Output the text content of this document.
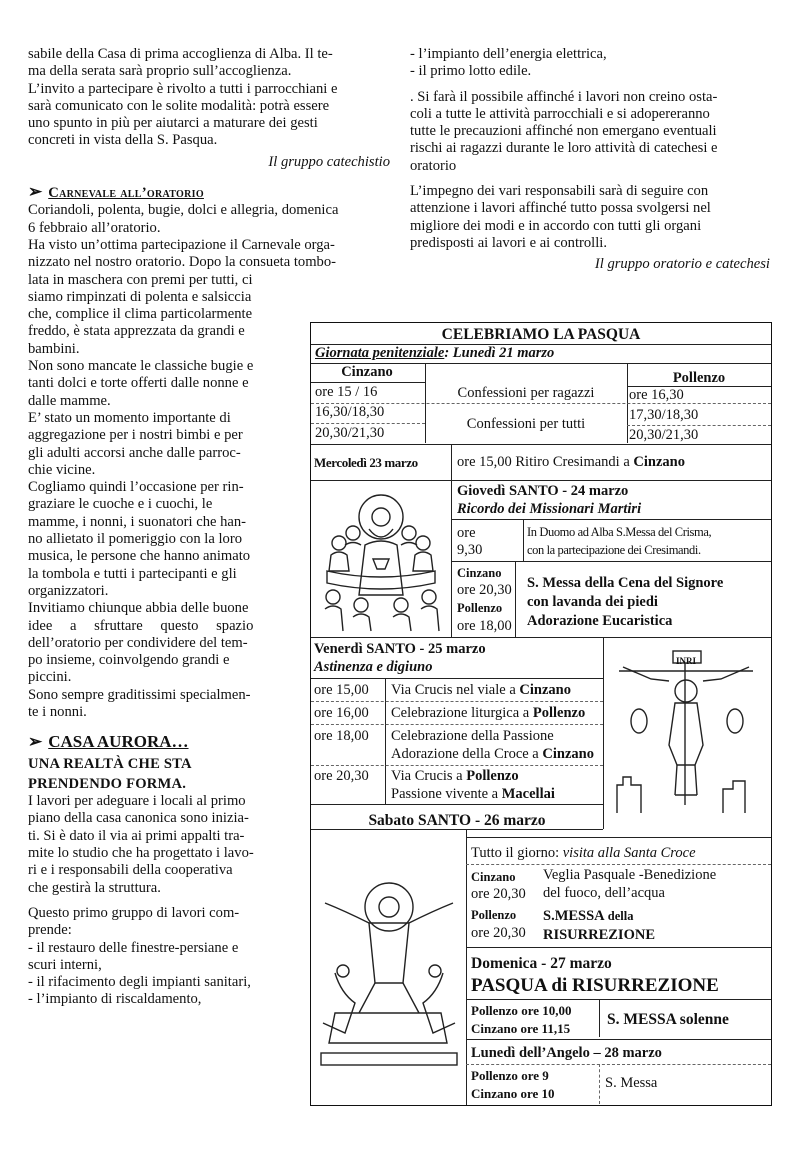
sabile della Casa di prima accoglienza di Alba. Il te-

ma della serata sarà proprio sull’accoglienza.

L’invito a partecipare è rivolto a tutti i parrocchiani e

sarà comunicato con le solite modalità: potrà essere

uno spunto in più per aiutarci a maturare dei gesti

concreti in vista della S. Pasqua.

Il gruppo catechistio

➢ Carnevale all’oratorio

Coriandoli, polenta, bugie, dolci e allegria, domenica

6 febbraio all’oratorio.

Ha visto un’ottima partecipazione il Carnevale orga-

nizzato nel nostro oratorio. Dopo la consueta tombo-

lata in maschera con premi per tutti, ci

siamo rimpinzati di polenta e salsiccia

che, complice il clima particolarmente

freddo, è stata apprezzata da grandi e

bambini.

Non sono mancate le classiche bugie e

tanti dolci e torte offerti dalle nonne e

dalle mamme.

E’ stato un momento importante di

aggregazione per i nostri bimbi e per

gli adulti accorsi anche dalle parroc-

chie vicine.

Cogliamo quindi l’occasione per rin-

graziare le cuoche e i cuochi, le

mamme, i nonni, i suonatori che han-

no allietato il pomeriggio con la loro

musica, le persone che hanno animato

la tombola e tutti i partecipanti e gli

organizzatori.

Invitiamo chiunque abbia delle buone

idee a sfruttare questo spazio

dell’oratorio per condividere del tem-

po insieme, coinvolgendo grandi e

piccini.

Sono sempre graditissimi specialmen-

te i nonni.

➢ CASA AURORA…

UNA REALTÀ CHE STA

PRENDENDO FORMA.

I lavori per adeguare i locali al primo

piano della casa canonica sono iniziа-

ti. Si è dato il via ai primi appalti tra-

mite lo studio che ha progettato i lavo-

ri e i responsabili della cooperativa

che gestirà la struttura.

Questo primo gruppo di lavori com-

prende:

- il restauro delle finestre-persiane e

scuri interni,

- il rifacimento degli impianti sanitari,

- l’impianto di riscaldamento,

- l’impianto dell’energia elettrica,

- il primo lotto edile.

. Si farà il possibile affinché i lavori non creino osta-

coli a tutte le attività parrocchiali e si adopereranno

tutte le precauzioni affinché non emergano eventuali

rischi ai ragazzi durante le loro attività di catechesi e

oratorio

L’impegno dei vari responsabili sarà di seguire con

attenzione i lavori affinché tutto possa svolgersi nel

migliore dei modi e in accordo con tutti gli organi

predisposti ai lavori e ai controlli.

Il gruppo oratorio e catechesi

CELEBRIAMO LA PASQUA
Giornata penitenziale: Lunedì 21 marzo
Cinzano	Pollenzo
ore 15 / 16
16,30/18,30
20,30/21,30
Confessioni per ragazzi
Confessioni per tutti
ore 16,30
17,30/18,30
20,30/21,30
Mercoledì 23 marzo	ore 15,00 Ritiro Cresimandi a Cinzano
Giovedì SANTO - 24 marzo
Ricordo dei Missionari Martiri
ore
9,30
In Duomo ad Alba S.Messa del Crisma,
con la partecipazione dei Cresimandi.
Cinzano
ore 20,30
Pollenzo
ore 18,00
S. Messa della Cena del Signore
con lavanda dei piedi
Adorazione Eucaristica
Venerdì SANTO - 25 marzo
Astinenza e digiuno
ore 15,00 Via Crucis nel viale a Cinzano
ore 16,00 Celebrazione liturgica a Pollenzo
ore 18,00 Celebrazione della Passione
Adorazione della Croce a Cinzano
ore 20,30 Via Crucis a Pollenzo
Passione vivente a Macellai
INRI
Sabato SANTO - 26 marzo
Tutto il giorno: visita alla Santa Croce
Cinzano
ore 20,30
Veglia Pasquale -Benedizione
del fuoco, dell’acqua
Pollenzo
ore 20,30
S.MESSA della
RISURREZIONE
Domenica - 27 marzo
PASQUA di RISURREZIONE
Pollenzo ore 10,00
Cinzano ore 11,15
S. MESSA solenne
Lunedì dell’Angelo – 28 marzo
Pollenzo ore 9
Cinzano ore 10
S. Messa
